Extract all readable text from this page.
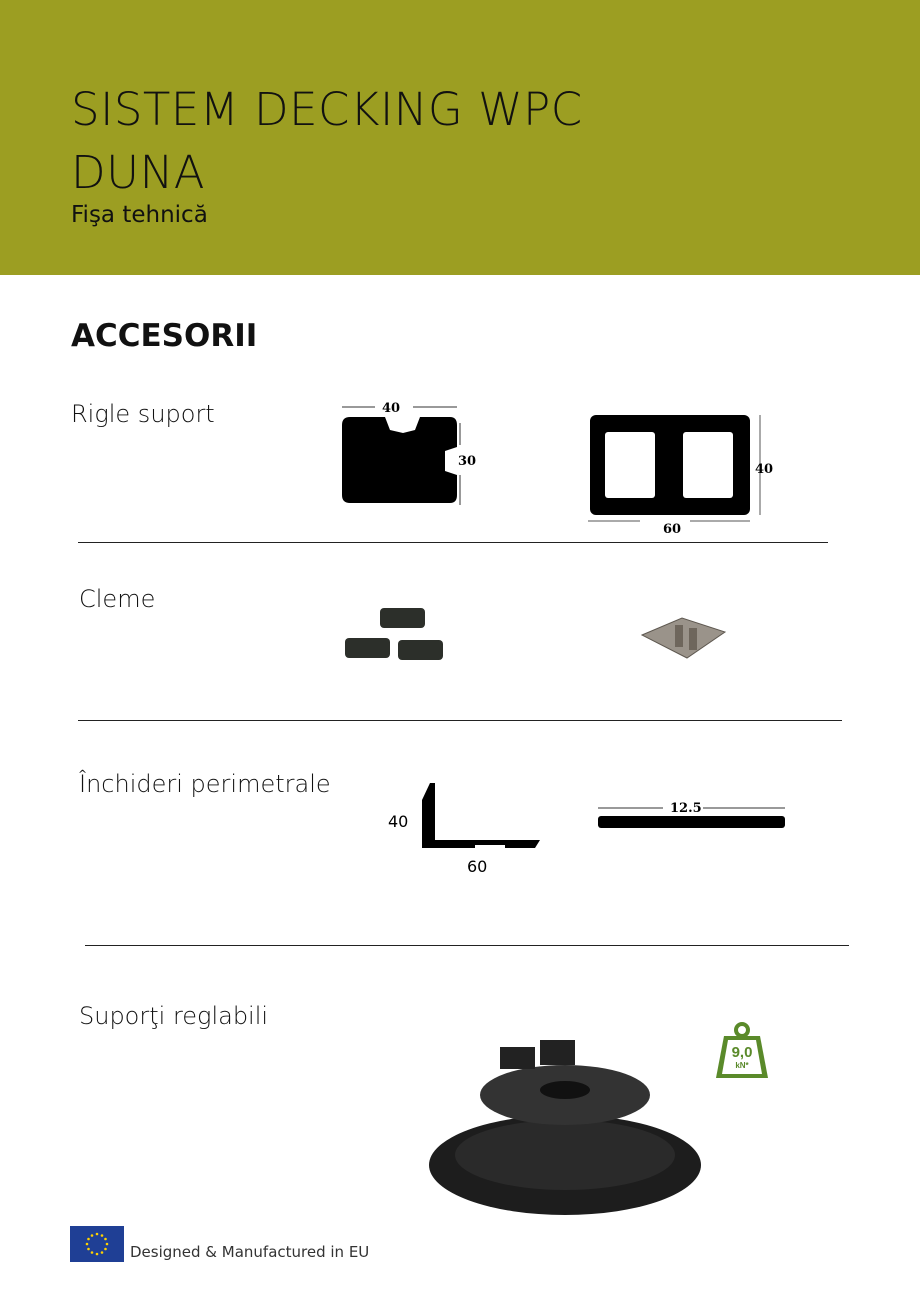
SISTEM DECKING WPC DUNA
Fişa tehnică
ACCESORII
Rigle suport	40
30
40
60
Cleme
Închideri perimetrale
40
60
12.5
Suporţi reglabili
9,0
kN*
Designed & Manufactured in EU
